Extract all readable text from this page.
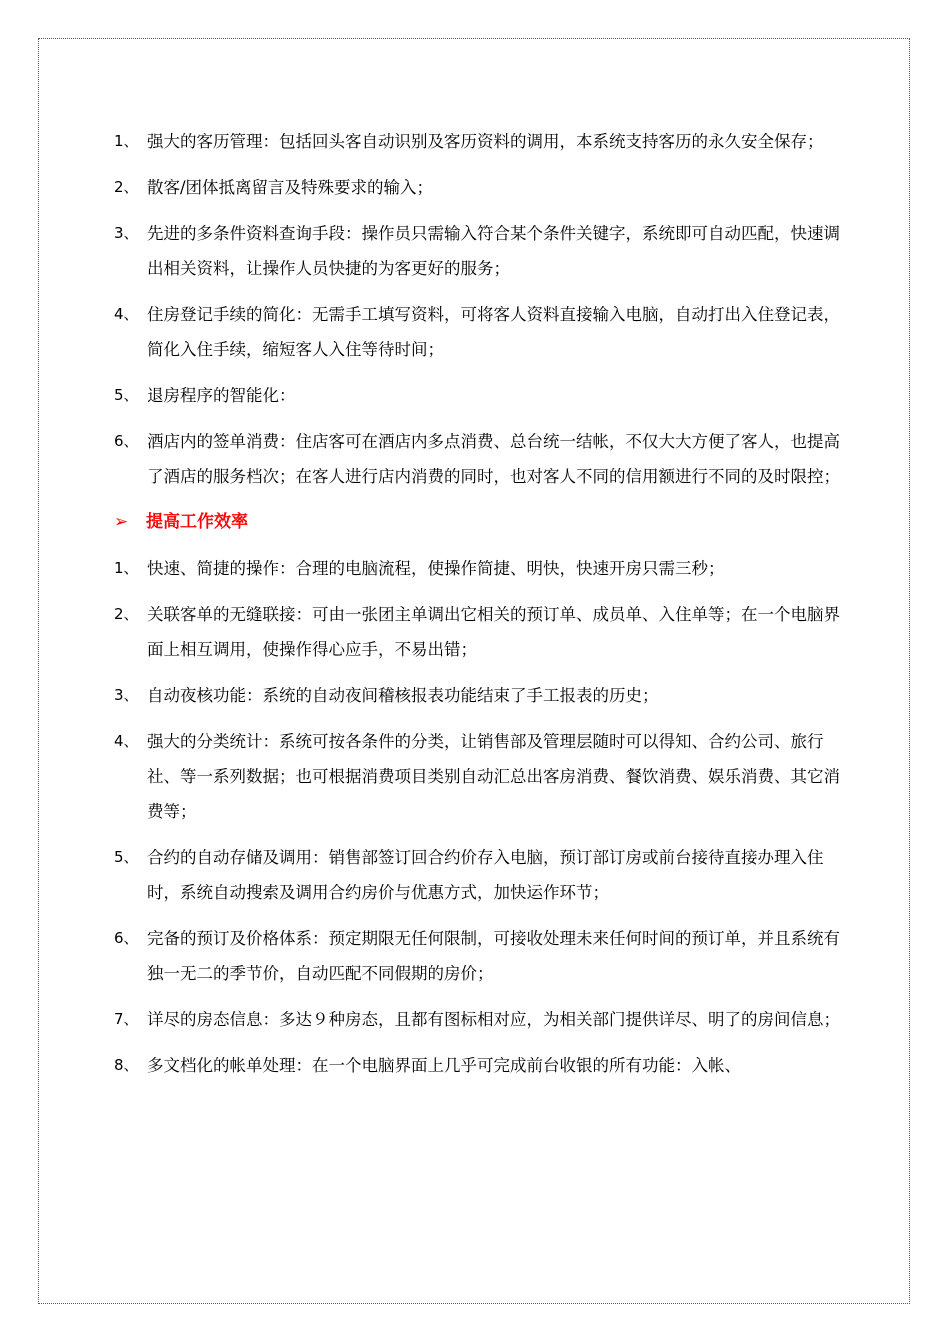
1、 强大的客历管理：包括回头客自动识别及客历资料的调用，本系统支持客历的永久安全保存；
2、 散客/团体抵离留言及特殊要求的输入；
3、 先进的多条件资料查询手段：操作员只需输入符合某个条件关键字，系统即可自动匹配，快速调出相关资料，让操作人员快捷的为客更好的服务；
4、 住房登记手续的简化：无需手工填写资料，可将客人资料直接输入电脑，自动打出入住登记表，简化入住手续，缩短客人入住等待时间；
5、 退房程序的智能化：
6、 酒店内的签单消费：住店客可在酒店内多点消费、总台统一结帐，不仅大大方便了客人，也提高了酒店的服务档次；在客人进行店内消费的同时，也对客人不同的信用额进行不同的及时限控；
➢ 提高工作效率
1、 快速、简捷的操作：合理的电脑流程，使操作简捷、明快，快速开房只需三秒；
2、 关联客单的无缝联接：可由一张团主单调出它相关的预订单、成员单、入住单等；在一个电脑界面上相互调用，使操作得心应手，不易出错；
3、 自动夜核功能：系统的自动夜间稽核报表功能结束了手工报表的历史；
4、 强大的分类统计：系统可按各条件的分类，让销售部及管理层随时可以得知、合约公司、旅行社、等一系列数据；也可根据消费项目类别自动汇总出客房消费、餐饮消费、娱乐消费、其它消费等；
5、 合约的自动存储及调用：销售部签订回合约价存入电脑，预订部订房或前台接待直接办理入住时，系统自动搜索及调用合约房价与优惠方式，加快运作环节；
6、 完备的预订及价格体系：预定期限无任何限制，可接收处理未来任何时间的预订单，并且系统有独一无二的季节价，自动匹配不同假期的房价；
7、 详尽的房态信息：多达９种房态，且都有图标相对应，为相关部门提供详尽、明了的房间信息；
8、 多文档化的帐单处理：在一个电脑界面上几乎可完成前台收银的所有功能：入帐、
